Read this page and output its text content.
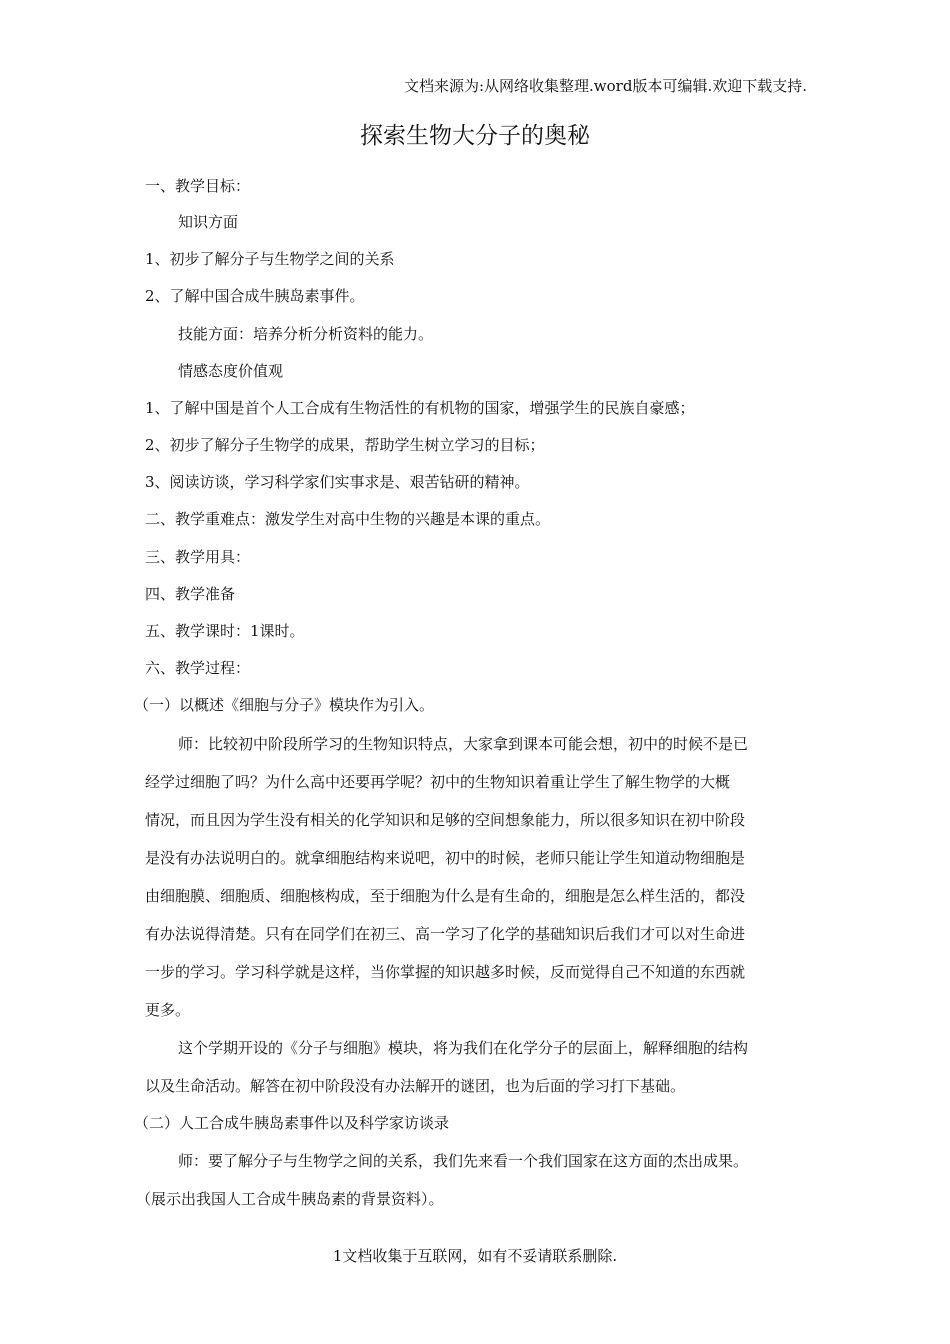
文档来源为:从网络收集整理.word版本可编辑.欢迎下载支持.
探索生物大分子的奥秘
一、教学目标：
知识方面
1、初步了解分子与生物学之间的关系
2、了解中国合成牛胰岛素事件。
技能方面：培养分析分析资料的能力。
情感态度价值观
1、了解中国是首个人工合成有生物活性的有机物的国家，增强学生的民族自豪感；
2、初步了解分子生物学的成果，帮助学生树立学习的目标；
3、阅读访谈，学习科学家们实事求是、艰苦钻研的精神。
二、教学重难点：激发学生对高中生物的兴趣是本课的重点。
三、教学用具：
四、教学准备
五、教学课时：1课时。
六、教学过程：
（一）以概述《细胞与分子》模块作为引入。
师：比较初中阶段所学习的生物知识特点，大家拿到课本可能会想，初中的时候不是已
经学过细胞了吗？为什么高中还要再学呢？初中的生物知识着重让学生了解生物学的大概
情况，而且因为学生没有相关的化学知识和足够的空间想象能力，所以很多知识在初中阶段
是没有办法说明白的。就拿细胞结构来说吧，初中的时候，老师只能让学生知道动物细胞是
由细胞膜、细胞质、细胞核构成，至于细胞为什么是有生命的，细胞是怎么样生活的，都没
有办法说得清楚。只有在同学们在初三、高一学习了化学的基础知识后我们才可以对生命进
一步的学习。学习科学就是这样，当你掌握的知识越多时候，反而觉得自己不知道的东西就
更多。
这个学期开设的《分子与细胞》模块，将为我们在化学分子的层面上，解释细胞的结构
以及生命活动。解答在初中阶段没有办法解开的谜团，也为后面的学习打下基础。
（二）人工合成牛胰岛素事件以及科学家访谈录
师：要了解分子与生物学之间的关系，我们先来看一个我们国家在这方面的杰出成果。
（展示出我国人工合成牛胰岛素的背景资料）。
1文档收集于互联网，如有不妥请联系删除.
